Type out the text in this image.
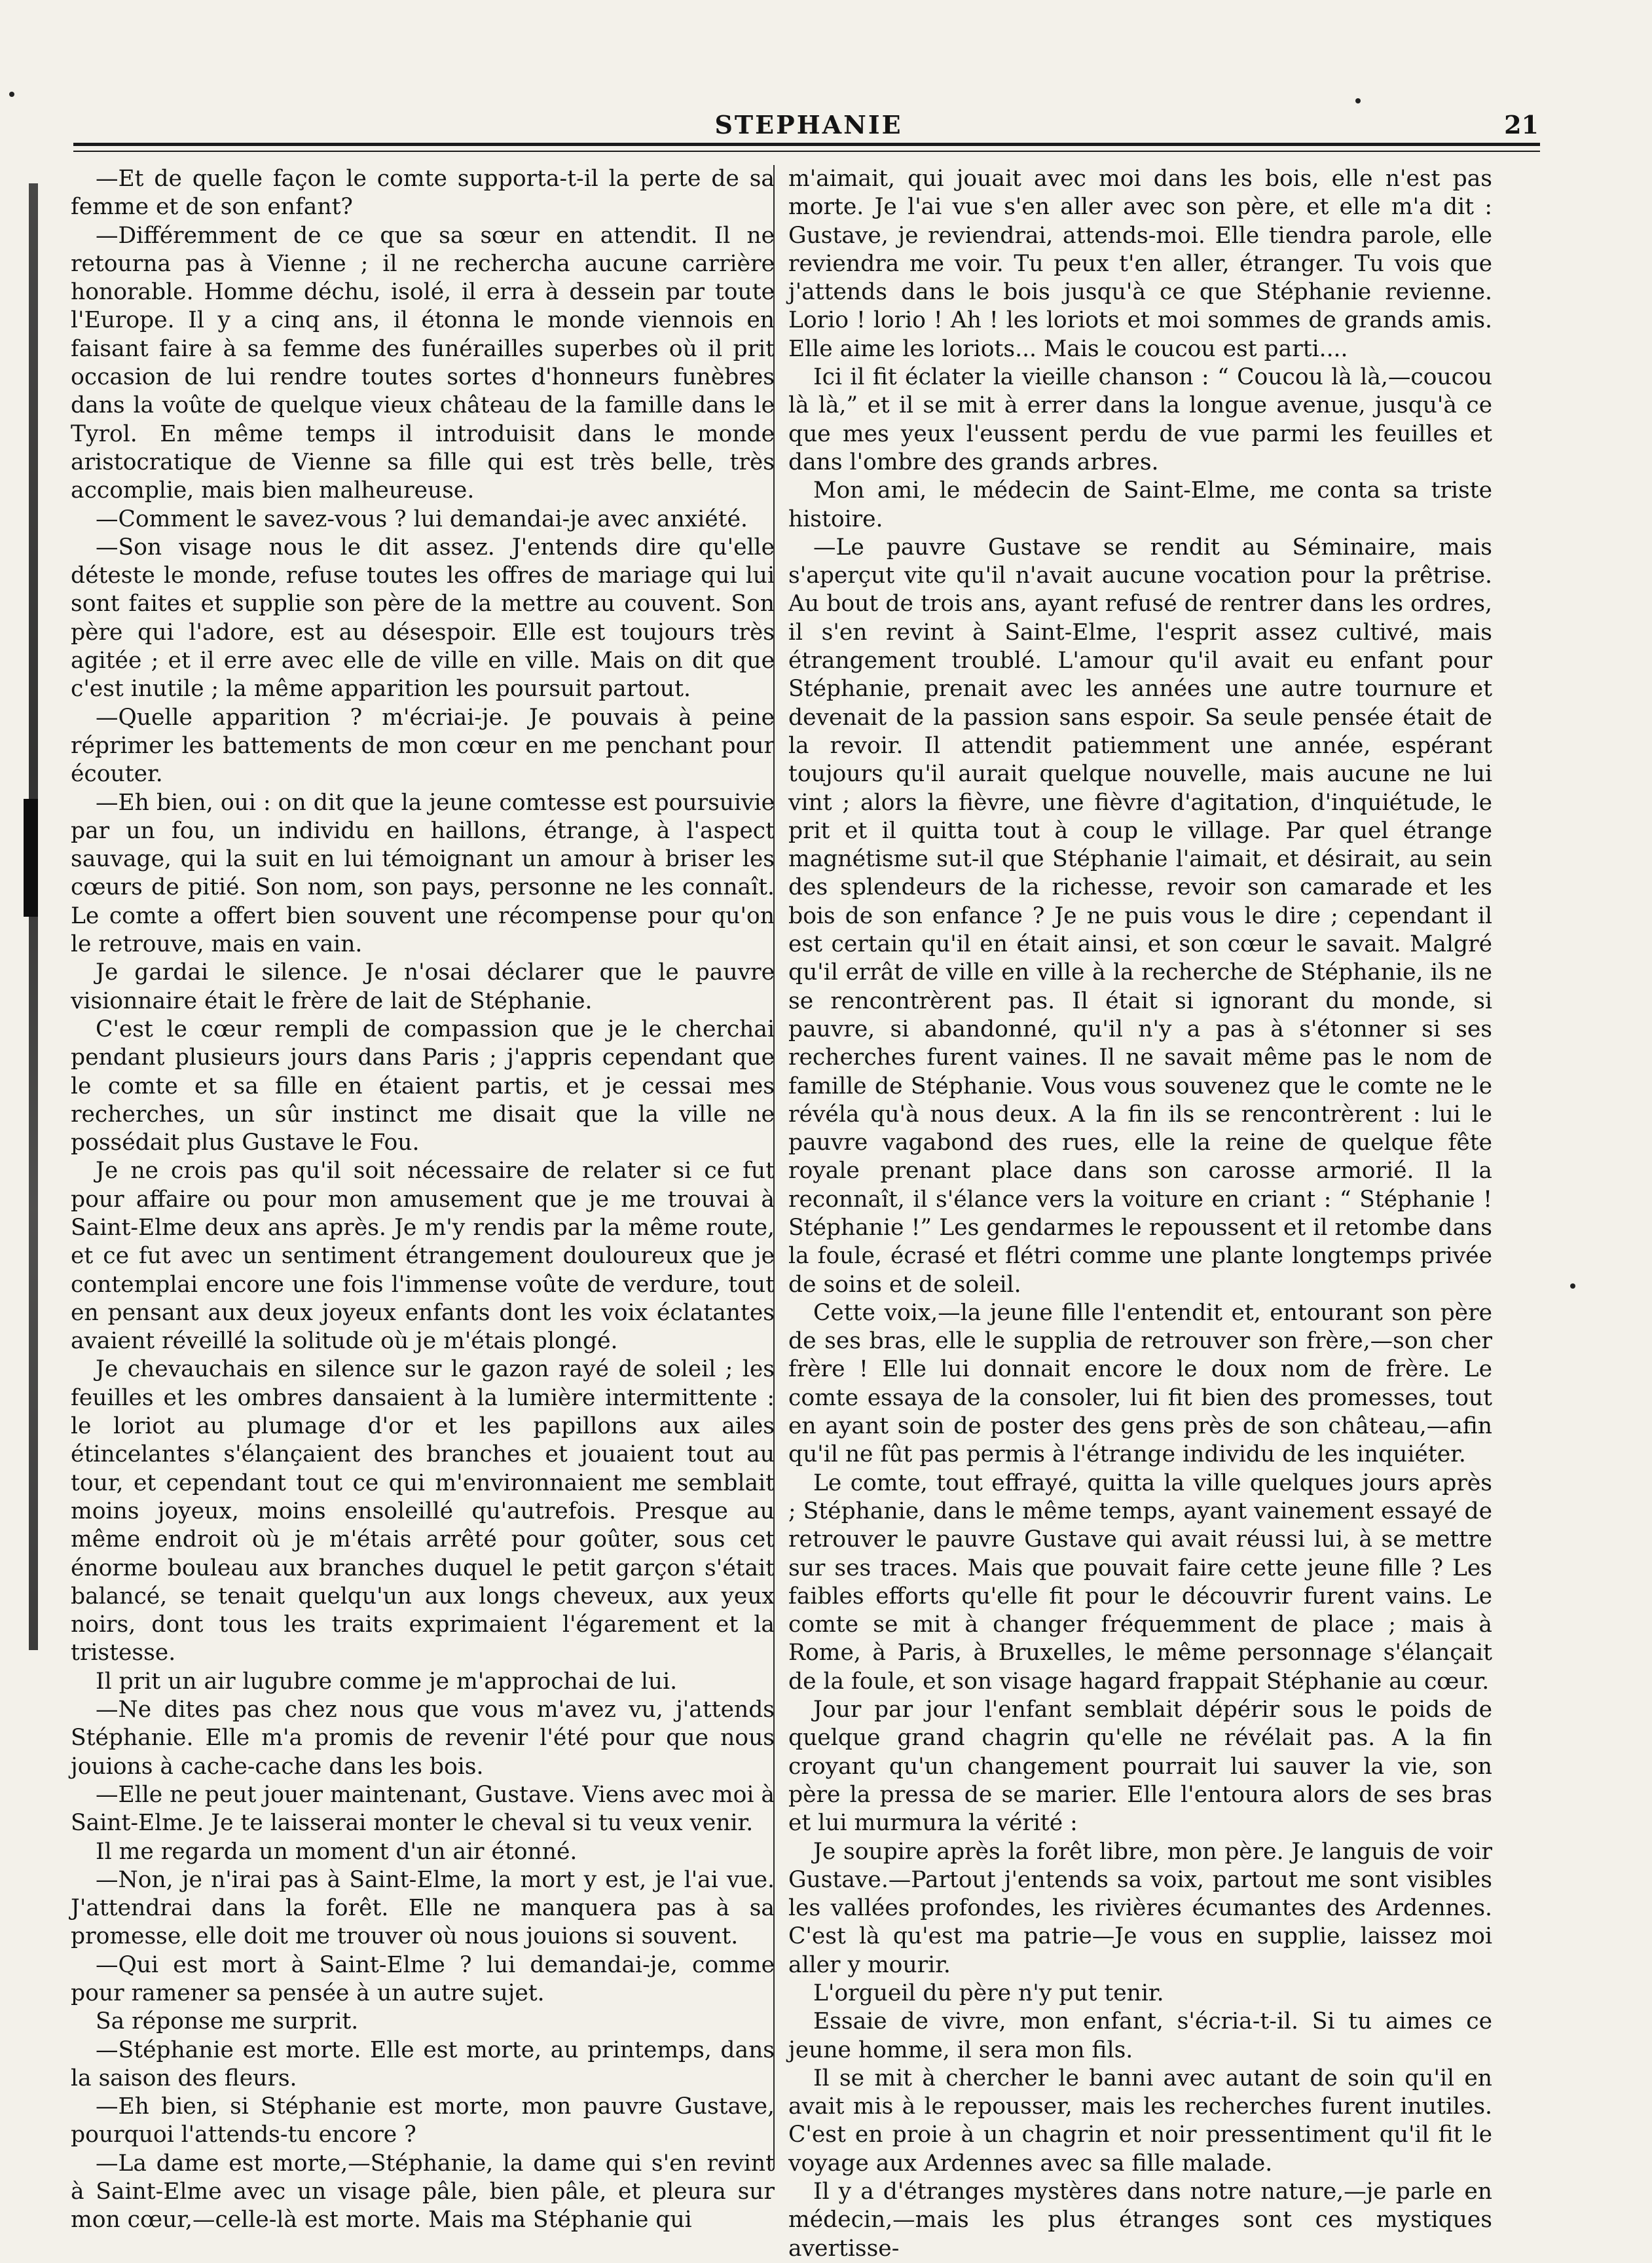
STEPHANIE	21

—Et de quelle façon le comte supporta-t-il la perte de sa femme et de son enfant?

—Différemment de ce que sa sœur en attendit. Il ne retourna pas à Vienne ; il ne rechercha aucune carrière honorable. Homme déchu, isolé, il erra à dessein par toute l'Europe. Il y a cinq ans, il étonna le monde viennois en faisant faire à sa femme des funérailles superbes où il prit occasion de lui rendre toutes sortes d'honneurs funèbres dans la voûte de quelque vieux château de la famille dans le Tyrol. En même temps il introduisit dans le monde aristocratique de Vienne sa fille qui est très belle, très accomplie, mais bien malheureuse.

—Comment le savez-vous ? lui demandai-je avec anxiété.

—Son visage nous le dit assez. J'entends dire qu'elle déteste le monde, refuse toutes les offres de mariage qui lui sont faites et supplie son père de la mettre au couvent. Son père qui l'adore, est au désespoir. Elle est toujours très agitée ; et il erre avec elle de ville en ville. Mais on dit que c'est inutile ; la même apparition les poursuit partout.

—Quelle apparition ? m'écriai-je. Je pouvais à peine réprimer les battements de mon cœur en me penchant pour écouter.

—Eh bien, oui : on dit que la jeune comtesse est poursuivie par un fou, un individu en haillons, étrange, à l'aspect sauvage, qui la suit en lui témoignant un amour à briser les cœurs de pitié. Son nom, son pays, personne ne les connaît. Le comte a offert bien souvent une récompense pour qu'on le retrouve, mais en vain.

Je gardai le silence. Je n'osai déclarer que le pauvre visionnaire était le frère de lait de Stéphanie.

C'est le cœur rempli de compassion que je le cherchai pendant plusieurs jours dans Paris ; j'appris cependant que le comte et sa fille en étaient partis, et je cessai mes recherches, un sûr instinct me disait que la ville ne possédait plus Gustave le Fou.

Je ne crois pas qu'il soit nécessaire de relater si ce fut pour affaire ou pour mon amusement que je me trouvai à Saint-Elme deux ans après. Je m'y rendis par la même route, et ce fut avec un sentiment étrangement douloureux que je contemplai encore une fois l'immense voûte de verdure, tout en pensant aux deux joyeux enfants dont les voix éclatantes avaient réveillé la solitude où je m'étais plongé.

Je chevauchais en silence sur le gazon rayé de soleil ; les feuilles et les ombres dansaient à la lumière intermittente : le loriot au plumage d'or et les papillons aux ailes étincelantes s'élançaient des branches et jouaient tout au tour, et cependant tout ce qui m'environnaient me semblait moins joyeux, moins ensoleillé qu'autrefois. Presque au même endroit où je m'étais arrêté pour goûter, sous cet énorme bouleau aux branches duquel le petit garçon s'était balancé, se tenait quelqu'un aux longs cheveux, aux yeux noirs, dont tous les traits exprimaient l'égarement et la tristesse.

Il prit un air lugubre comme je m'approchai de lui.

—Ne dites pas chez nous que vous m'avez vu, j'attends Stéphanie. Elle m'a promis de revenir l'été pour que nous jouions à cache-cache dans les bois.

—Elle ne peut jouer maintenant, Gustave. Viens avec moi à Saint-Elme. Je te laisserai monter le cheval si tu veux venir.

Il me regarda un moment d'un air étonné.

—Non, je n'irai pas à Saint-Elme, la mort y est, je l'ai vue. J'attendrai dans la forêt. Elle ne manquera pas à sa promesse, elle doit me trouver où nous jouions si souvent.

—Qui est mort à Saint-Elme ? lui demandai-je, comme pour ramener sa pensée à un autre sujet.

Sa réponse me surprit.

—Stéphanie est morte. Elle est morte, au printemps, dans la saison des fleurs.

—Eh bien, si Stéphanie est morte, mon pauvre Gustave, pourquoi l'attends-tu encore ?

—La dame est morte,—Stéphanie, la dame qui s'en revint à Saint-Elme avec un visage pâle, bien pâle, et pleura sur mon cœur,—celle-là est morte. Mais ma Stéphanie qui

m'aimait, qui jouait avec moi dans les bois, elle n'est pas morte. Je l'ai vue s'en aller avec son père, et elle m'a dit : Gustave, je reviendrai, attends-moi. Elle tiendra parole, elle reviendra me voir. Tu peux t'en aller, étranger. Tu vois que j'attends dans le bois jusqu'à ce que Stéphanie revienne. Lorio ! lorio ! Ah ! les loriots et moi sommes de grands amis. Elle aime les loriots... Mais le coucou est parti....

Ici il fit éclater la vieille chanson : “ Coucou là là,—coucou là là,” et il se mit à errer dans la longue avenue, jusqu'à ce que mes yeux l'eussent perdu de vue parmi les feuilles et dans l'ombre des grands arbres.

Mon ami, le médecin de Saint-Elme, me conta sa triste histoire.

—Le pauvre Gustave se rendit au Séminaire, mais s'aperçut vite qu'il n'avait aucune vocation pour la prêtrise. Au bout de trois ans, ayant refusé de rentrer dans les ordres, il s'en revint à Saint-Elme, l'esprit assez cultivé, mais étrangement troublé. L'amour qu'il avait eu enfant pour Stéphanie, prenait avec les années une autre tournure et devenait de la passion sans espoir. Sa seule pensée était de la revoir. Il attendit patiemment une année, espérant toujours qu'il aurait quelque nouvelle, mais aucune ne lui vint ; alors la fièvre, une fièvre d'agitation, d'inquiétude, le prit et il quitta tout à coup le village. Par quel étrange magnétisme sut-il que Stéphanie l'aimait, et désirait, au sein des splendeurs de la richesse, revoir son camarade et les bois de son enfance ? Je ne puis vous le dire ; cependant il est certain qu'il en était ainsi, et son cœur le savait. Malgré qu'il errât de ville en ville à la recherche de Stéphanie, ils ne se rencontrèrent pas. Il était si ignorant du monde, si pauvre, si abandonné, qu'il n'y a pas à s'étonner si ses recherches furent vaines. Il ne savait même pas le nom de famille de Stéphanie. Vous vous souvenez que le comte ne le révéla qu'à nous deux. A la fin ils se rencontrèrent : lui le pauvre vagabond des rues, elle la reine de quelque fête royale prenant place dans son carosse armorié. Il la reconnaît, il s'élance vers la voiture en criant : “ Stéphanie ! Stéphanie !” Les gendarmes le repoussent et il retombe dans la foule, écrasé et flétri comme une plante longtemps privée de soins et de soleil.

Cette voix,—la jeune fille l'entendit et, entourant son père de ses bras, elle le supplia de retrouver son frère,—son cher frère ! Elle lui donnait encore le doux nom de frère. Le comte essaya de la consoler, lui fit bien des promesses, tout en ayant soin de poster des gens près de son château,—afin qu'il ne fût pas permis à l'étrange individu de les inquiéter.

Le comte, tout effrayé, quitta la ville quelques jours après ; Stéphanie, dans le même temps, ayant vainement essayé de retrouver le pauvre Gustave qui avait réussi lui, à se mettre sur ses traces. Mais que pouvait faire cette jeune fille ? Les faibles efforts qu'elle fit pour le découvrir furent vains. Le comte se mit à changer fréquemment de place ; mais à Rome, à Paris, à Bruxelles, le même personnage s'élançait de la foule, et son visage hagard frappait Stéphanie au cœur.

Jour par jour l'enfant semblait dépérir sous le poids de quelque grand chagrin qu'elle ne révélait pas. A la fin croyant qu'un changement pourrait lui sauver la vie, son père la pressa de se marier. Elle l'entoura alors de ses bras et lui murmura la vérité :

Je soupire après la forêt libre, mon père. Je languis de voir Gustave.—Partout j'entends sa voix, partout me sont visibles les vallées profondes, les rivières écumantes des Ardennes. C'est là qu'est ma patrie—Je vous en supplie, laissez moi aller y mourir.

L'orgueil du père n'y put tenir.

Essaie de vivre, mon enfant, s'écria-t-il. Si tu aimes ce jeune homme, il sera mon fils.

Il se mit à chercher le banni avec autant de soin qu'il en avait mis à le repousser, mais les recherches furent inutiles. C'est en proie à un chagrin et noir pressentiment qu'il fit le voyage aux Ardennes avec sa fille malade.

Il y a d'étranges mystères dans notre nature,—je parle en médecin,—mais les plus étranges sont ces mystiques avertisse-
